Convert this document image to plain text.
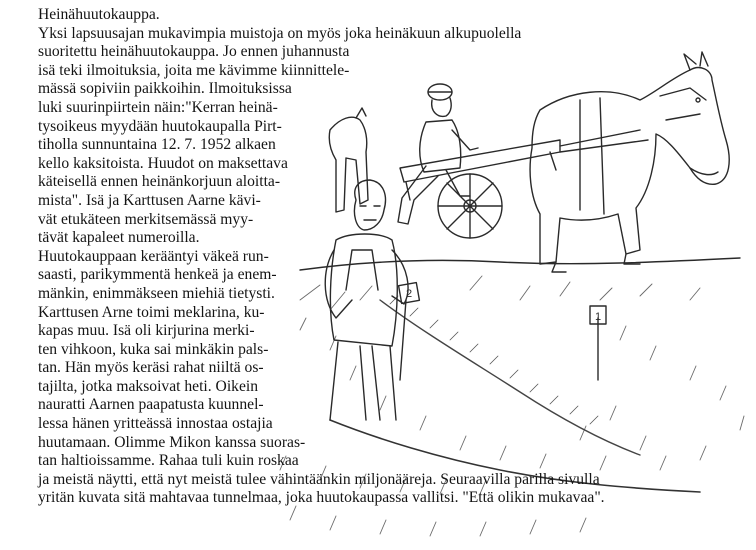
1
2
Heinähuutokauppa.
Yksi lapsuusajan mukavimpia muistoja on myös joka heinäkuun alkupuolella
suoritettu heinähuutokauppa. Jo ennen juhannusta
isä teki ilmoituksia, joita me kävimme kiinnittele-
mässä sopiviin paikkoihin. Ilmoituksissa
luki suurinpiirtein näin:"Kerran heinä-
tysoikeus myydään huutokaupalla Pirt-
tiholla sunnuntaina 12. 7. 1952 alkaen
kello kaksitoista. Huudot on maksettava
käteisellä ennen heinänkorjuun aloitta-
mista". Isä ja Karttusen Aarne kävi-
vät etukäteen merkitsemässä myy-
tävät kapaleet numeroilla.
Huutokauppaan kerääntyi väkeä run-
saasti, parikymmentä henkeä ja enem-
mänkin, enimmäkseen miehiä tietysti.
Karttusen Arne toimi meklarina, ku-
kapas muu. Isä oli kirjurina merki-
ten vihkoon, kuka sai minkäkin pals-
tan. Hän myös keräsi rahat niiltä os-
tajilta, jotka maksoivat heti. Oikein
nauratti Aarnen paapatusta kuunnel-
lessa hänen yritteässä innostaa ostajia
huutamaan. Olimme Mikon kanssa suoras-
tan haltioissamme. Rahaa tuli kuin roskaa
ja meistä näytti, että nyt meistä tulee vähintäänkin miljonääreja. Seuraavilla parilla sivulla
yritän kuvata sitä mahtavaa tunnelmaa, joka huutokaupassa vallitsi. "Että olikin mukavaa".
